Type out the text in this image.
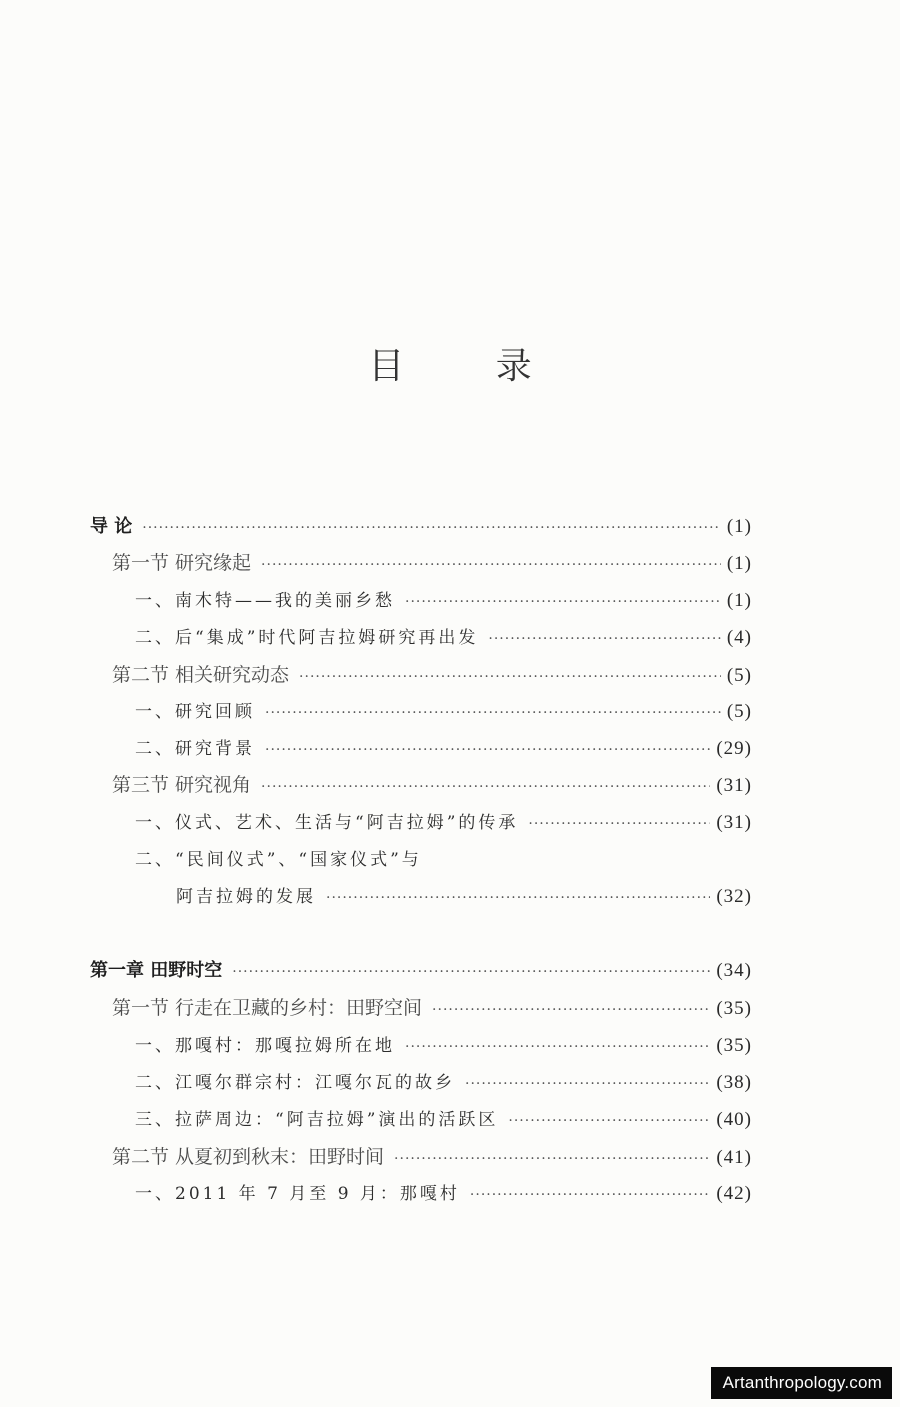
目 录
导 论 ·····	(1)
第一节 研究缘起 ·····	(1)
一、南木特——我的美丽乡愁 ·····	(1)
二、后“集成”时代阿吉拉姆研究再出发 ·····	(4)
第二节 相关研究动态 ·····	(5)
一、研究回顾 ·····	(5)
二、研究背景 ·····	(29)
第三节 研究视角 ·····	(31)
一、仪式、艺术、生活与“阿吉拉姆”的传承 ·····	(31)
二、“民间仪式”、“国家仪式”与
阿吉拉姆的发展 ·····	(32)
第一章 田野时空 ·····	(34)
第一节 行走在卫藏的乡村：田野空间 ·····	(35)
一、那嘎村：那嘎拉姆所在地 ·····	(35)
二、江嘎尔群宗村：江嘎尔瓦的故乡 ·····	(38)
三、拉萨周边：“阿吉拉姆”演出的活跃区 ·····	(40)
第二节 从夏初到秋末：田野时间 ·····	(41)
一、2011 年 7 月至 9 月：那嘎村 ·····	(42)
Artanthropology.com
